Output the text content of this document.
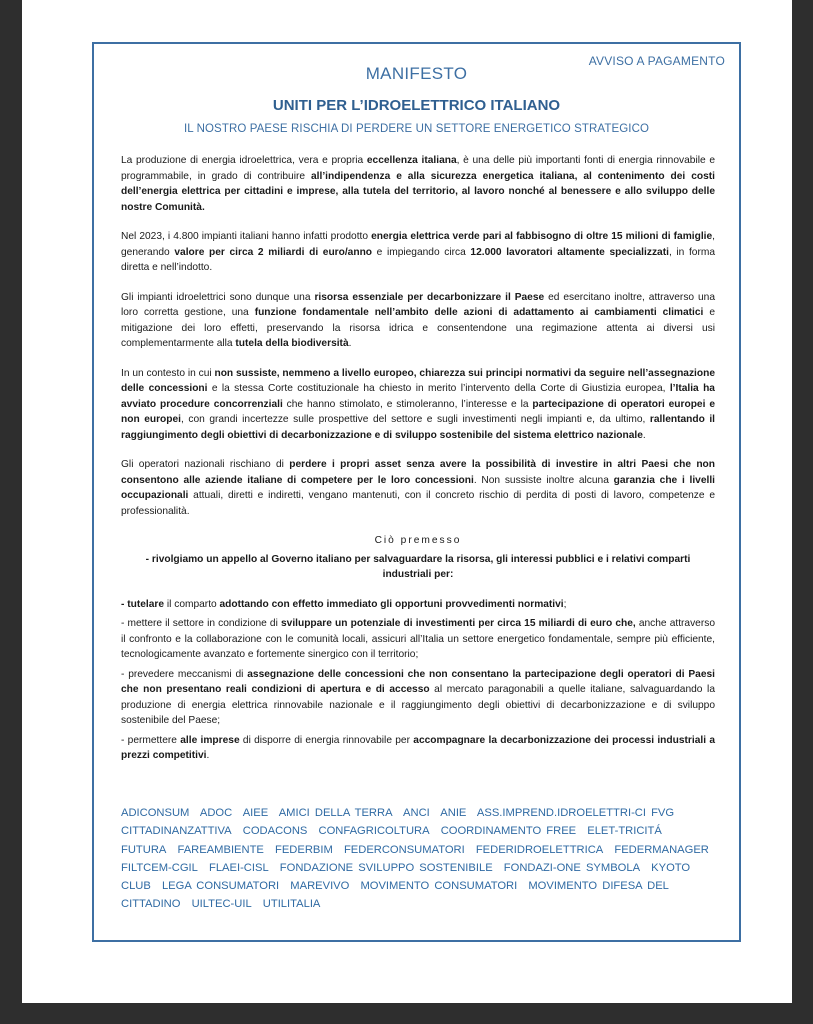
AVVISO A PAGAMENTO
MANIFESTO
UNITI PER L’IDROELETTRICO ITALIANO
IL NOSTRO PAESE RISCHIA DI PERDERE UN SETTORE ENERGETICO STRATEGICO

La produzione di energia idroelettrica, vera e propria eccellenza italiana, è una delle più importanti fonti di energia rinnovabile e programmabile, in grado di contribuire all’indipendenza e alla sicurezza energetica italiana, al contenimento dei costi dell’energia elettrica per cittadini e imprese, alla tutela del territorio, al lavoro nonché al benessere e allo sviluppo delle nostre Comunità.

Nel 2023, i 4.800 impianti italiani hanno infatti prodotto energia elettrica verde pari al fabbisogno di oltre 15 milioni di famiglie, generando valore per circa 2 miliardi di euro/anno e impiegando circa 12.000 lavoratori altamente specializzati, in forma diretta e nell’indotto.

Gli impianti idroelettrici sono dunque una risorsa essenziale per decarbonizzare il Paese ed esercitano inoltre, attraverso una loro corretta gestione, una funzione fondamentale nell’ambito delle azioni di adattamento ai cambiamenti climatici e mitigazione dei loro effetti, preservando la risorsa idrica e consentendone una regimazione attenta ai diversi usi complementarmente alla tutela della biodiversità.

In un contesto in cui non sussiste, nemmeno a livello europeo, chiarezza sui principi normativi da seguire nell’assegnazione delle concessioni e la stessa Corte costituzionale ha chiesto in merito l’intervento della Corte di Giustizia europea, l’Italia ha avviato procedure concorrenziali che hanno stimolato, e stimoleranno, l’interesse e la partecipazione di operatori europei e non europei, con grandi incertezze sulle prospettive del settore e sugli investimenti negli impianti e, da ultimo, rallentando il raggiungimento degli obiettivi di decarbonizzazione e di sviluppo sostenibile del sistema elettrico nazionale.

Gli operatori nazionali rischiano di perdere i propri asset senza avere la possibilità di investire in altri Paesi che non consentono alle aziende italiane di competere per le loro concessioni. Non sussiste inoltre alcuna garanzia che i livelli occupazionali attuali, diretti e indiretti, vengano mantenuti, con il concreto rischio di perdita di posti di lavoro, competenze e professionalità.

Ciò premesso
- rivolgiamo un appello al Governo italiano per salvaguardare la risorsa, gli interessi pubblici e i relativi comparti industriali per:
- tutelare il comparto adottando con effetto immediato gli opportuni provvedimenti normativi;
- mettere il settore in condizione di sviluppare un potenziale di investimenti per circa 15 miliardi di euro che, anche attraverso il confronto e la collaborazione con le comunità locali, assicuri all’Italia un settore energetico fondamentale, sempre più efficiente, tecnologicamente avanzato e fortemente sinergico con il territorio;
- prevedere meccanismi di assegnazione delle concessioni che non consentano la partecipazione degli operatori di Paesi che non presentano reali condizioni di apertura e di accesso al mercato paragonabili a quelle italiane, salvaguardando la produzione di energia elettrica rinnovabile nazionale e il raggiungimento degli obiettivi di decarbonizzazione e di sviluppo sostenibile del Paese;
- permettere alle imprese di disporre di energia rinnovabile per accompagnare la decarbonizzazione dei processi industriali a prezzi competitivi.
ADICONSUM ADOC AIEE AMICI DELLA TERRA ANCI ANIE ASS.IMPREND.IDROELETTRI-CI FVG CITTADINANZATTIVA CODACONS CONFAGRICOLTURA COORDINAMENTO FREE ELET-TRICITÁ FUTURA FAREAMBIENTE FEDERBIM FEDERCONSUMATORI FEDERIDROELETTRICA FEDERMANAGER FILTCEM-CGIL FLAEI-CISL FONDAZIONE SVILUPPO SOSTENIBILE FONDAZI-ONE SYMBOLA KYOTO CLUB LEGA CONSUMATORI MAREVIVO MOVIMENTO CONSUMATORI MOVIMENTO DIFESA DEL CITTADINO UILTEC-UIL UTILITALIA
